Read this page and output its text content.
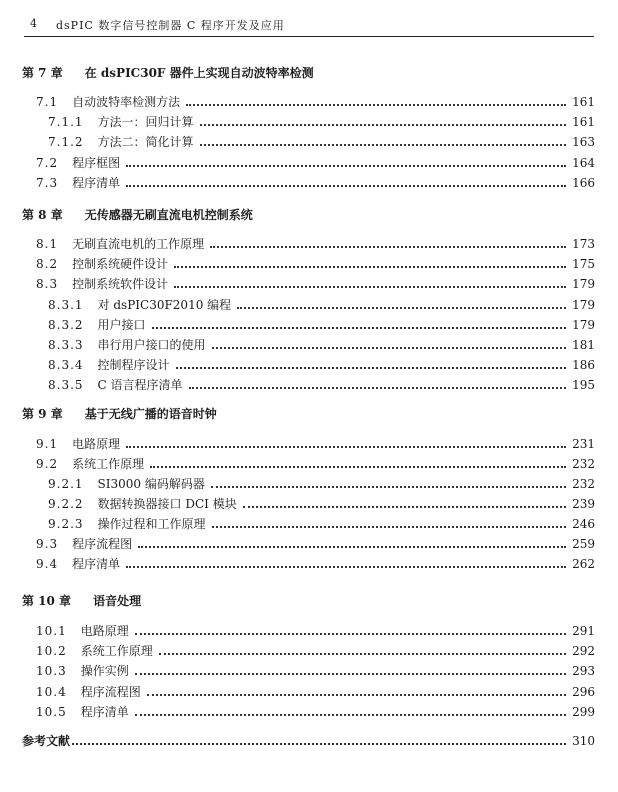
4 dsPIC 数字信号控制器 C 程序开发及应用
第 7 章 在 dsPIC30F 器件上实现自动波特率检测
7.1 自动波特率检测方法	161
7.1.1 方法一：回归计算	161
7.1.2 方法二：简化计算	163
7.2 程序框图	164
7.3 程序清单	166
第 8 章 无传感器无刷直流电机控制系统
8.1 无刷直流电机的工作原理	173
8.2 控制系统硬件设计	175
8.3 控制系统软件设计	179
8.3.1 对 dsPIC30F2010 编程	179
8.3.2 用户接口	179
8.3.3 串行用户接口的使用	181
8.3.4 控制程序设计	186
8.3.5 C 语言程序清单	195
第 9 章 基于无线广播的语音时钟
9.1 电路原理	231
9.2 系统工作原理	232
9.2.1 SI3000 编码解码器	232
9.2.2 数据转换器接口 DCI 模块	239
9.2.3 操作过程和工作原理	246
9.3 程序流程图	259
9.4 程序清单	262
第 10 章 语音处理
10.1 电路原理	291
10.2 系统工作原理	292
10.3 操作实例	293
10.4 程序流程图	296
10.5 程序清单	299
参考文献	310
